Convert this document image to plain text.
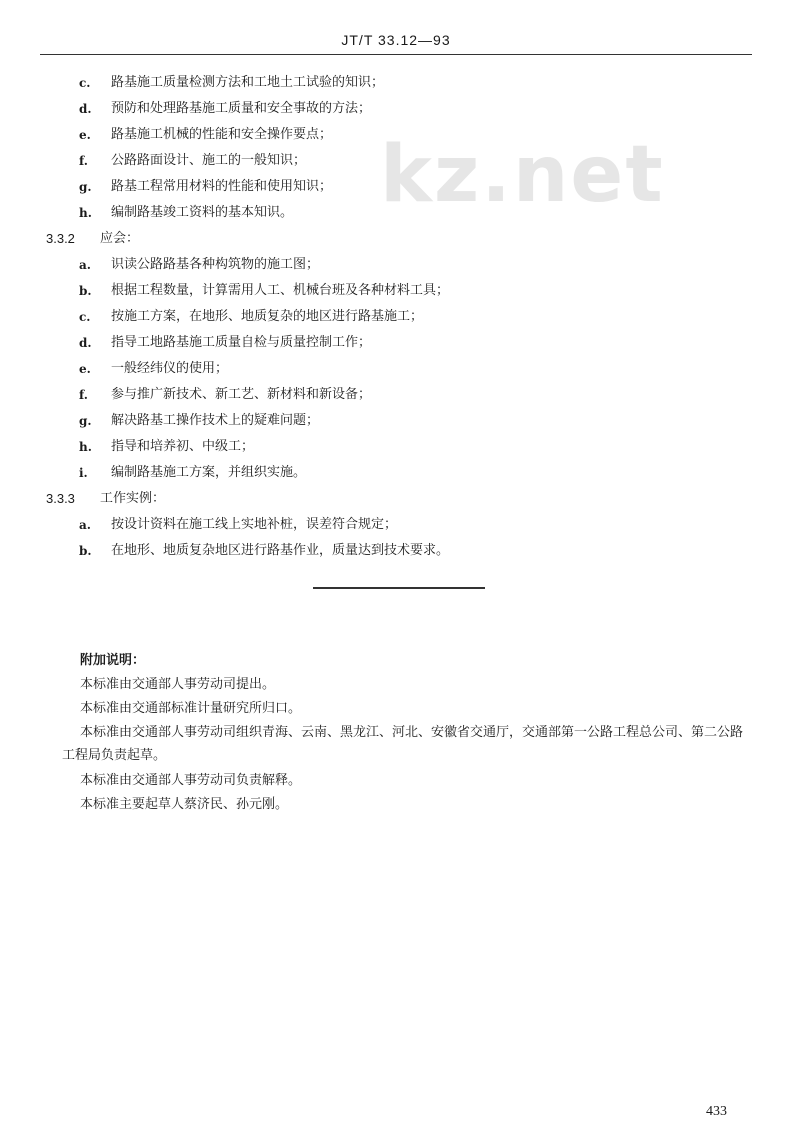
JT/T 33.12—93
kz.net
c. 路基施工质量检测方法和工地土工试验的知识；
d. 预防和处理路基施工质量和安全事故的方法；
e. 路基施工机械的性能和安全操作要点；
f. 公路路面设计、施工的一般知识；
g. 路基工程常用材料的性能和使用知识；
h. 编制路基竣工资料的基本知识。
3.3.2 应会：
a. 识读公路路基各种构筑物的施工图；
b. 根据工程数量，计算需用人工、机械台班及各种材料工具；
c. 按施工方案，在地形、地质复杂的地区进行路基施工；
d. 指导工地路基施工质量自检与质量控制工作；
e. 一般经纬仪的使用；
f. 参与推广新技术、新工艺、新材料和新设备；
g. 解决路基工操作技术上的疑难问题；
h. 指导和培养初、中级工；
i. 编制路基施工方案，并组织实施。
3.3.3 工作实例：
a. 按设计资料在施工线上实地补桩，误差符合规定；
b. 在地形、地质复杂地区进行路基作业，质量达到技术要求。
附加说明：
本标准由交通部人事劳动司提出。
本标准由交通部标准计量研究所归口。
本标准由交通部人事劳动司组织青海、云南、黑龙江、河北、安徽省交通厅，交通部第一公路工程总公司、第二公路工程局负责起草。
本标准由交通部人事劳动司负责解释。
本标准主要起草人蔡济民、孙元刚。
433
